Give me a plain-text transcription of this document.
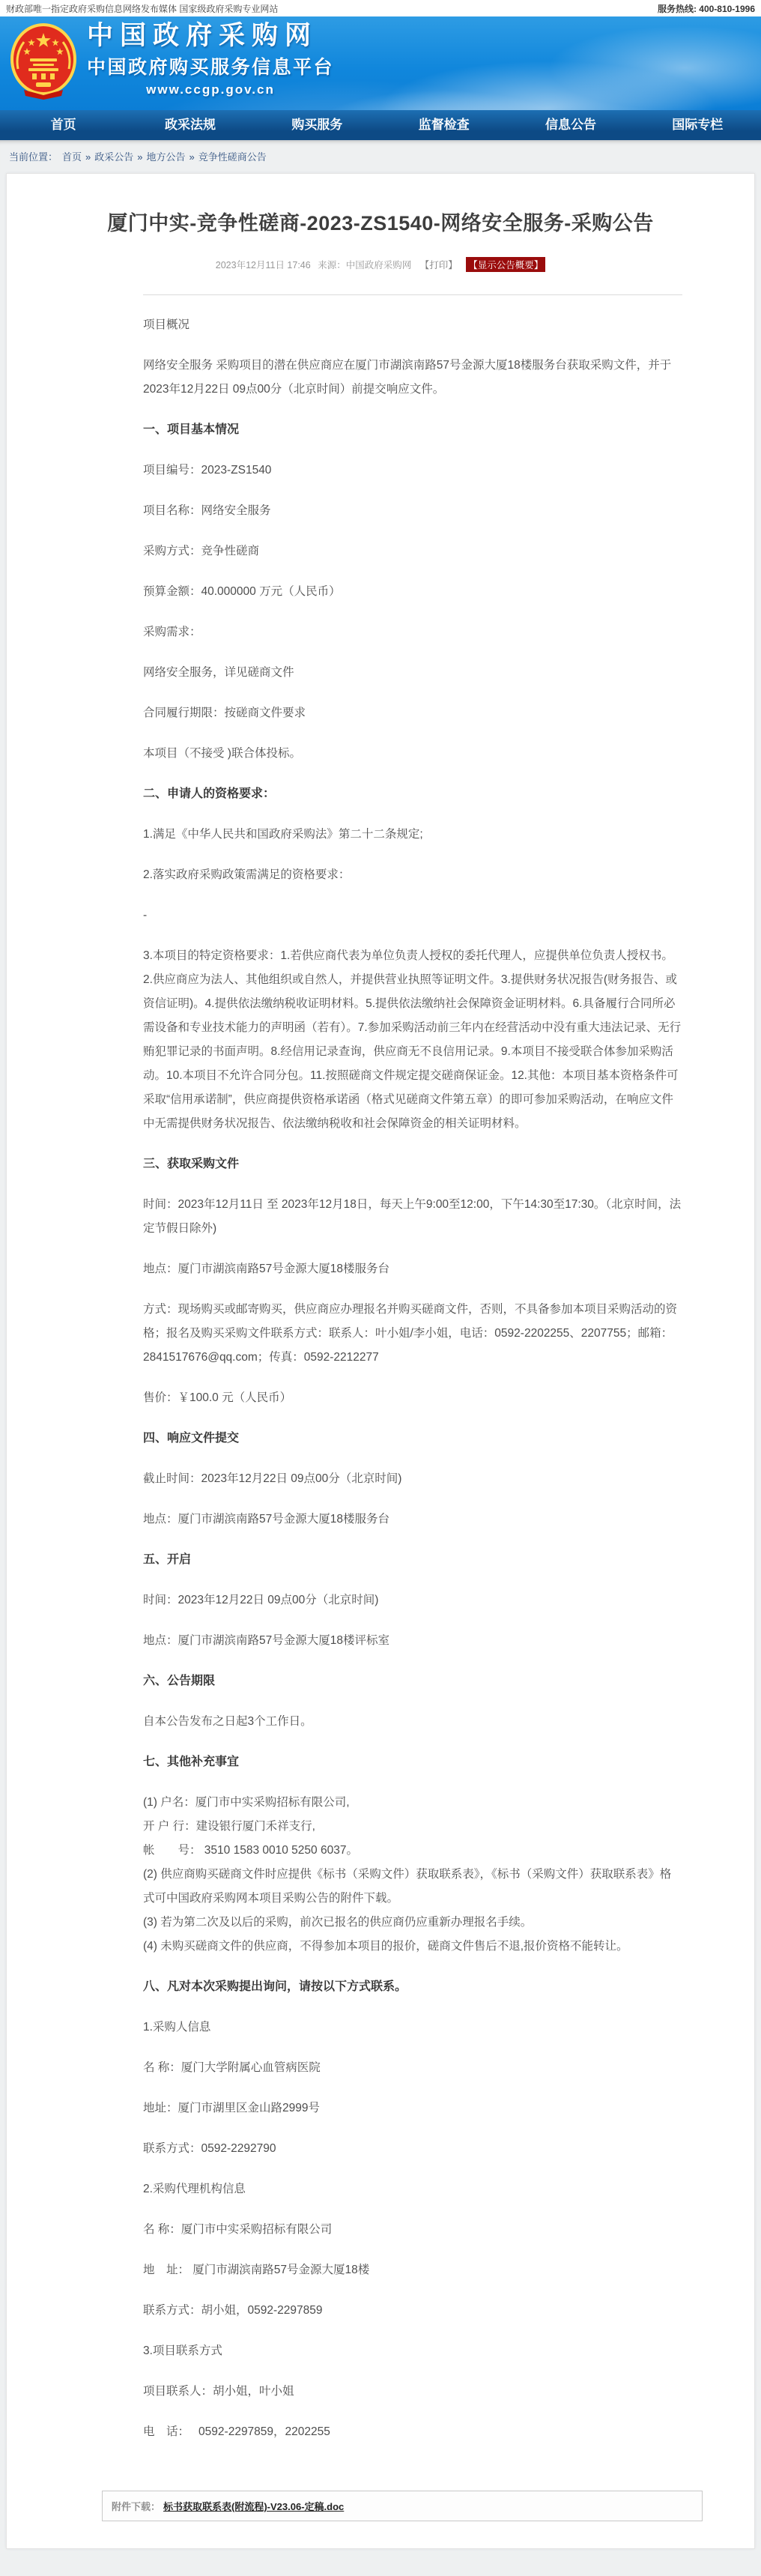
财政部唯一指定政府采购信息网络发布媒体 国家级政府采购专业网站	服务热线: 400-810-1996
中国政府采购网
中国政府购买服务信息平台
www.ccgp.gov.cn
首页	政采法规	购买服务	监督检查	信息公告	国际专栏
当前位置： 首页 » 政采公告 » 地方公告 » 竞争性磋商公告
厦门中实-竞争性磋商-2023-ZS1540-网络安全服务-采购公告
2023年12月11日 17:46 来源：中国政府采购网 【打印】 【显示公告概要】

项目概况

网络安全服务 采购项目的潜在供应商应在厦门市湖滨南路57号金源大厦18楼服务台获取采购文件，并于2023年12月22日 09点00分（北京时间）前提交响应文件。

一、项目基本情况

项目编号：2023-ZS1540

项目名称：网络安全服务

采购方式：竞争性磋商

预算金额：40.000000 万元（人民币）

采购需求：

网络安全服务，详见磋商文件

合同履行期限：按磋商文件要求

本项目（不接受 )联合体投标。

二、申请人的资格要求：

1.满足《中华人民共和国政府采购法》第二十二条规定;

2.落实政府采购政策需满足的资格要求：

-

3.本项目的特定资格要求：1.若供应商代表为单位负责人授权的委托代理人，应提供单位负责人授权书。2.供应商应为法人、其他组织或自然人，并提供营业执照等证明文件。3.提供财务状况报告(财务报告、或资信证明)。4.提供依法缴纳税收证明材料。5.提供依法缴纳社会保障资金证明材料。6.具备履行合同所必需设备和专业技术能力的声明函（若有）。7.参加采购活动前三年内在经营活动中没有重大违法记录、无行贿犯罪记录的书面声明。8.经信用记录查询，供应商无不良信用记录。9.本项目不接受联合体参加采购活动。10.本项目不允许合同分包。11.按照磋商文件规定提交磋商保证金。12.其他：本项目基本资格条件可采取“信用承诺制”，供应商提供资格承诺函（格式见磋商文件第五章）的即可参加采购活动，在响应文件中无需提供财务状况报告、依法缴纳税收和社会保障资金的相关证明材料。

三、获取采购文件

时间：2023年12月11日 至 2023年12月18日，每天上午9:00至12:00，下午14:30至17:30。（北京时间，法定节假日除外)

地点：厦门市湖滨南路57号金源大厦18楼服务台

方式：现场购买或邮寄购买，供应商应办理报名并购买磋商文件，否则，不具备参加本项目采购活动的资格；报名及购买采购文件联系方式：联系人：叶小姐/李小姐，电话：0592-2202255、2207755；邮箱：2841517676@qq.com；传真：0592-2212277

售价：￥100.0 元（人民币）

四、响应文件提交

截止时间：2023年12月22日 09点00分（北京时间)

地点：厦门市湖滨南路57号金源大厦18楼服务台

五、开启

时间：2023年12月22日 09点00分（北京时间)

地点：厦门市湖滨南路57号金源大厦18楼评标室

六、公告期限

自本公告发布之日起3个工作日。

七、其他补充事宜

(1) 户名：厦门市中实采购招标有限公司,
开 户 行：建设银行厦门禾祥支行,
帐　　号： 3510 1583 0010 5250 6037。
(2) 供应商购买磋商文件时应提供《标书（采购文件）获取联系表》，《标书（采购文件）获取联系表》格式可中国政府采购网本项目采购公告的附件下载。
(3) 若为第二次及以后的采购，前次已报名的供应商仍应重新办理报名手续。
(4) 未购买磋商文件的供应商，不得参加本项目的报价，磋商文件售后不退,报价资格不能转让。

八、凡对本次采购提出询问，请按以下方式联系。

1.采购人信息

名 称：厦门大学附属心血管病医院

地址：厦门市湖里区金山路2999号

联系方式：0592-2292790

2.采购代理机构信息

名 称：厦门市中实采购招标有限公司

地　址： 厦门市湖滨南路57号金源大厦18楼

联系方式：胡小姐，0592-2297859

3.项目联系方式

项目联系人：胡小姐，叶小姐

电　话：　 0592-2297859，2202255

附件下载： 标书获取联系表(附流程)-V23.06-定稿.doc
